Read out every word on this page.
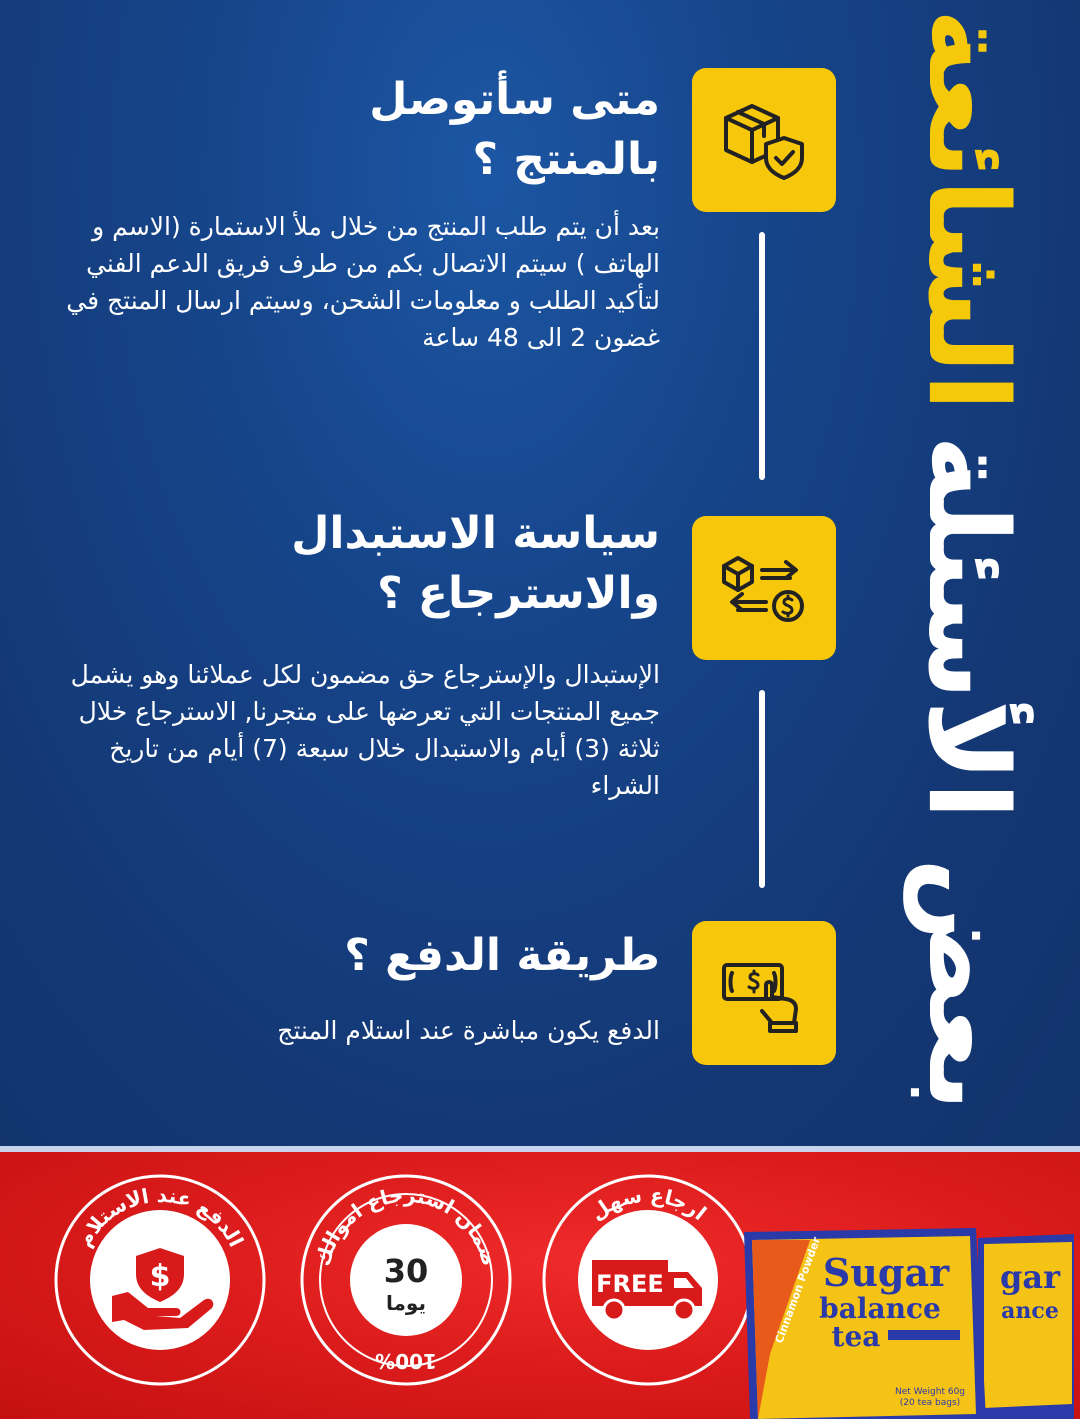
بعض الأسئلة
الشائعة
متى سأتوصل
بالمنتج ؟
بعد أن يتم طلب المنتج من خلال ملأ الاستمارة (الاسم و الهاتف ) سيتم الاتصال بكم من طرف فريق الدعم الفني لتأكيد الطلب و معلومات الشحن، وسيتم ارسال المنتج في غضون 2 الى 48 ساعة
سياسة الاستبدال
والاسترجاع ؟
الإستبدال والإسترجاع حق مضمون لكل عملائنا وهو يشمل جميع المنتجات التي تعرضها على متجرنا, الاسترجاع خلال ثلاثة (3) أيام والاستبدال خلال سبعة (7) أيام من تاريخ الشراء
طريقة الدفع ؟
الدفع يكون مباشرة عند استلام المنتج
الدفع عند الاستلام
$
ضمان استرجاع اموالك
30
يوما
100%
ارجاع سهل
FREE	gar
ance
Cinnamon Powder Sugar
balance
tea
Net Weight 60g
(20 tea bags)
